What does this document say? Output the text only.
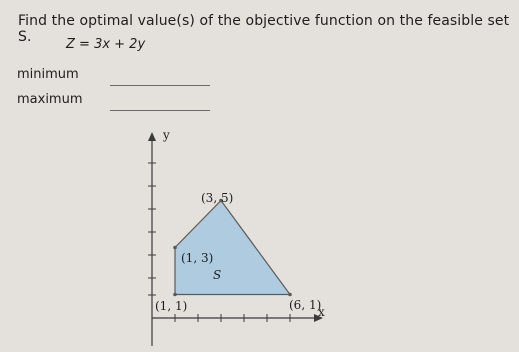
Find the optimal value(s) of the objective function on the feasible set S.	Z = 3x + 2y
minimum
maximum
y
x
S
(3, 5)
(1, 3)
(1, 1)	(6, 1)
